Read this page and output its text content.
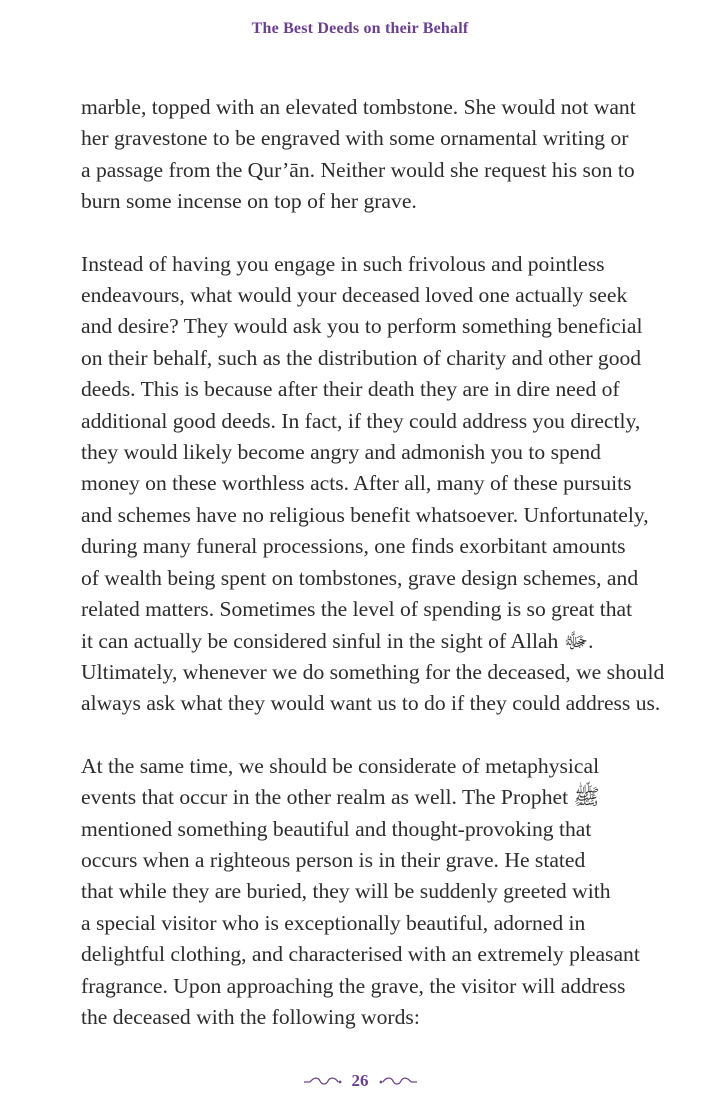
The Best Deeds on their Behalf

marble, topped with an elevated tombstone. She would not want
her gravestone to be engraved with some ornamental writing or
a passage from the Qur’ān. Neither would she request his son to
burn some incense on top of her grave.

Instead of having you engage in such frivolous and pointless
endeavours, what would your deceased loved one actually seek
and desire? They would ask you to perform something beneficial
on their behalf, such as the distribution of charity and other good
deeds. This is because after their death they are in dire need of
additional good deeds. In fact, if they could address you directly,
they would likely become angry and admonish you to spend
money on these worthless acts. After all, many of these pursuits
and schemes have no religious benefit whatsoever. Unfortunately,
during many funeral processions, one finds exorbitant amounts
of wealth being spent on tombstones, grave design schemes, and
related matters. Sometimes the level of spending is so great that
it can actually be considered sinful in the sight of Allah ﷻ.
Ultimately, whenever we do something for the deceased, we should
always ask what they would want us to do if they could address us.

At the same time, we should be considerate of metaphysical
events that occur in the other realm as well. The Prophet ﷺ
mentioned something beautiful and thought-provoking that
occurs when a righteous person is in their grave. He stated
that while they are buried, they will be suddenly greeted with
a special visitor who is exceptionally beautiful, adorned in
delightful clothing, and characterised with an extremely pleasant
fragrance. Upon approaching the grave, the visitor will address
the deceased with the following words:

26
